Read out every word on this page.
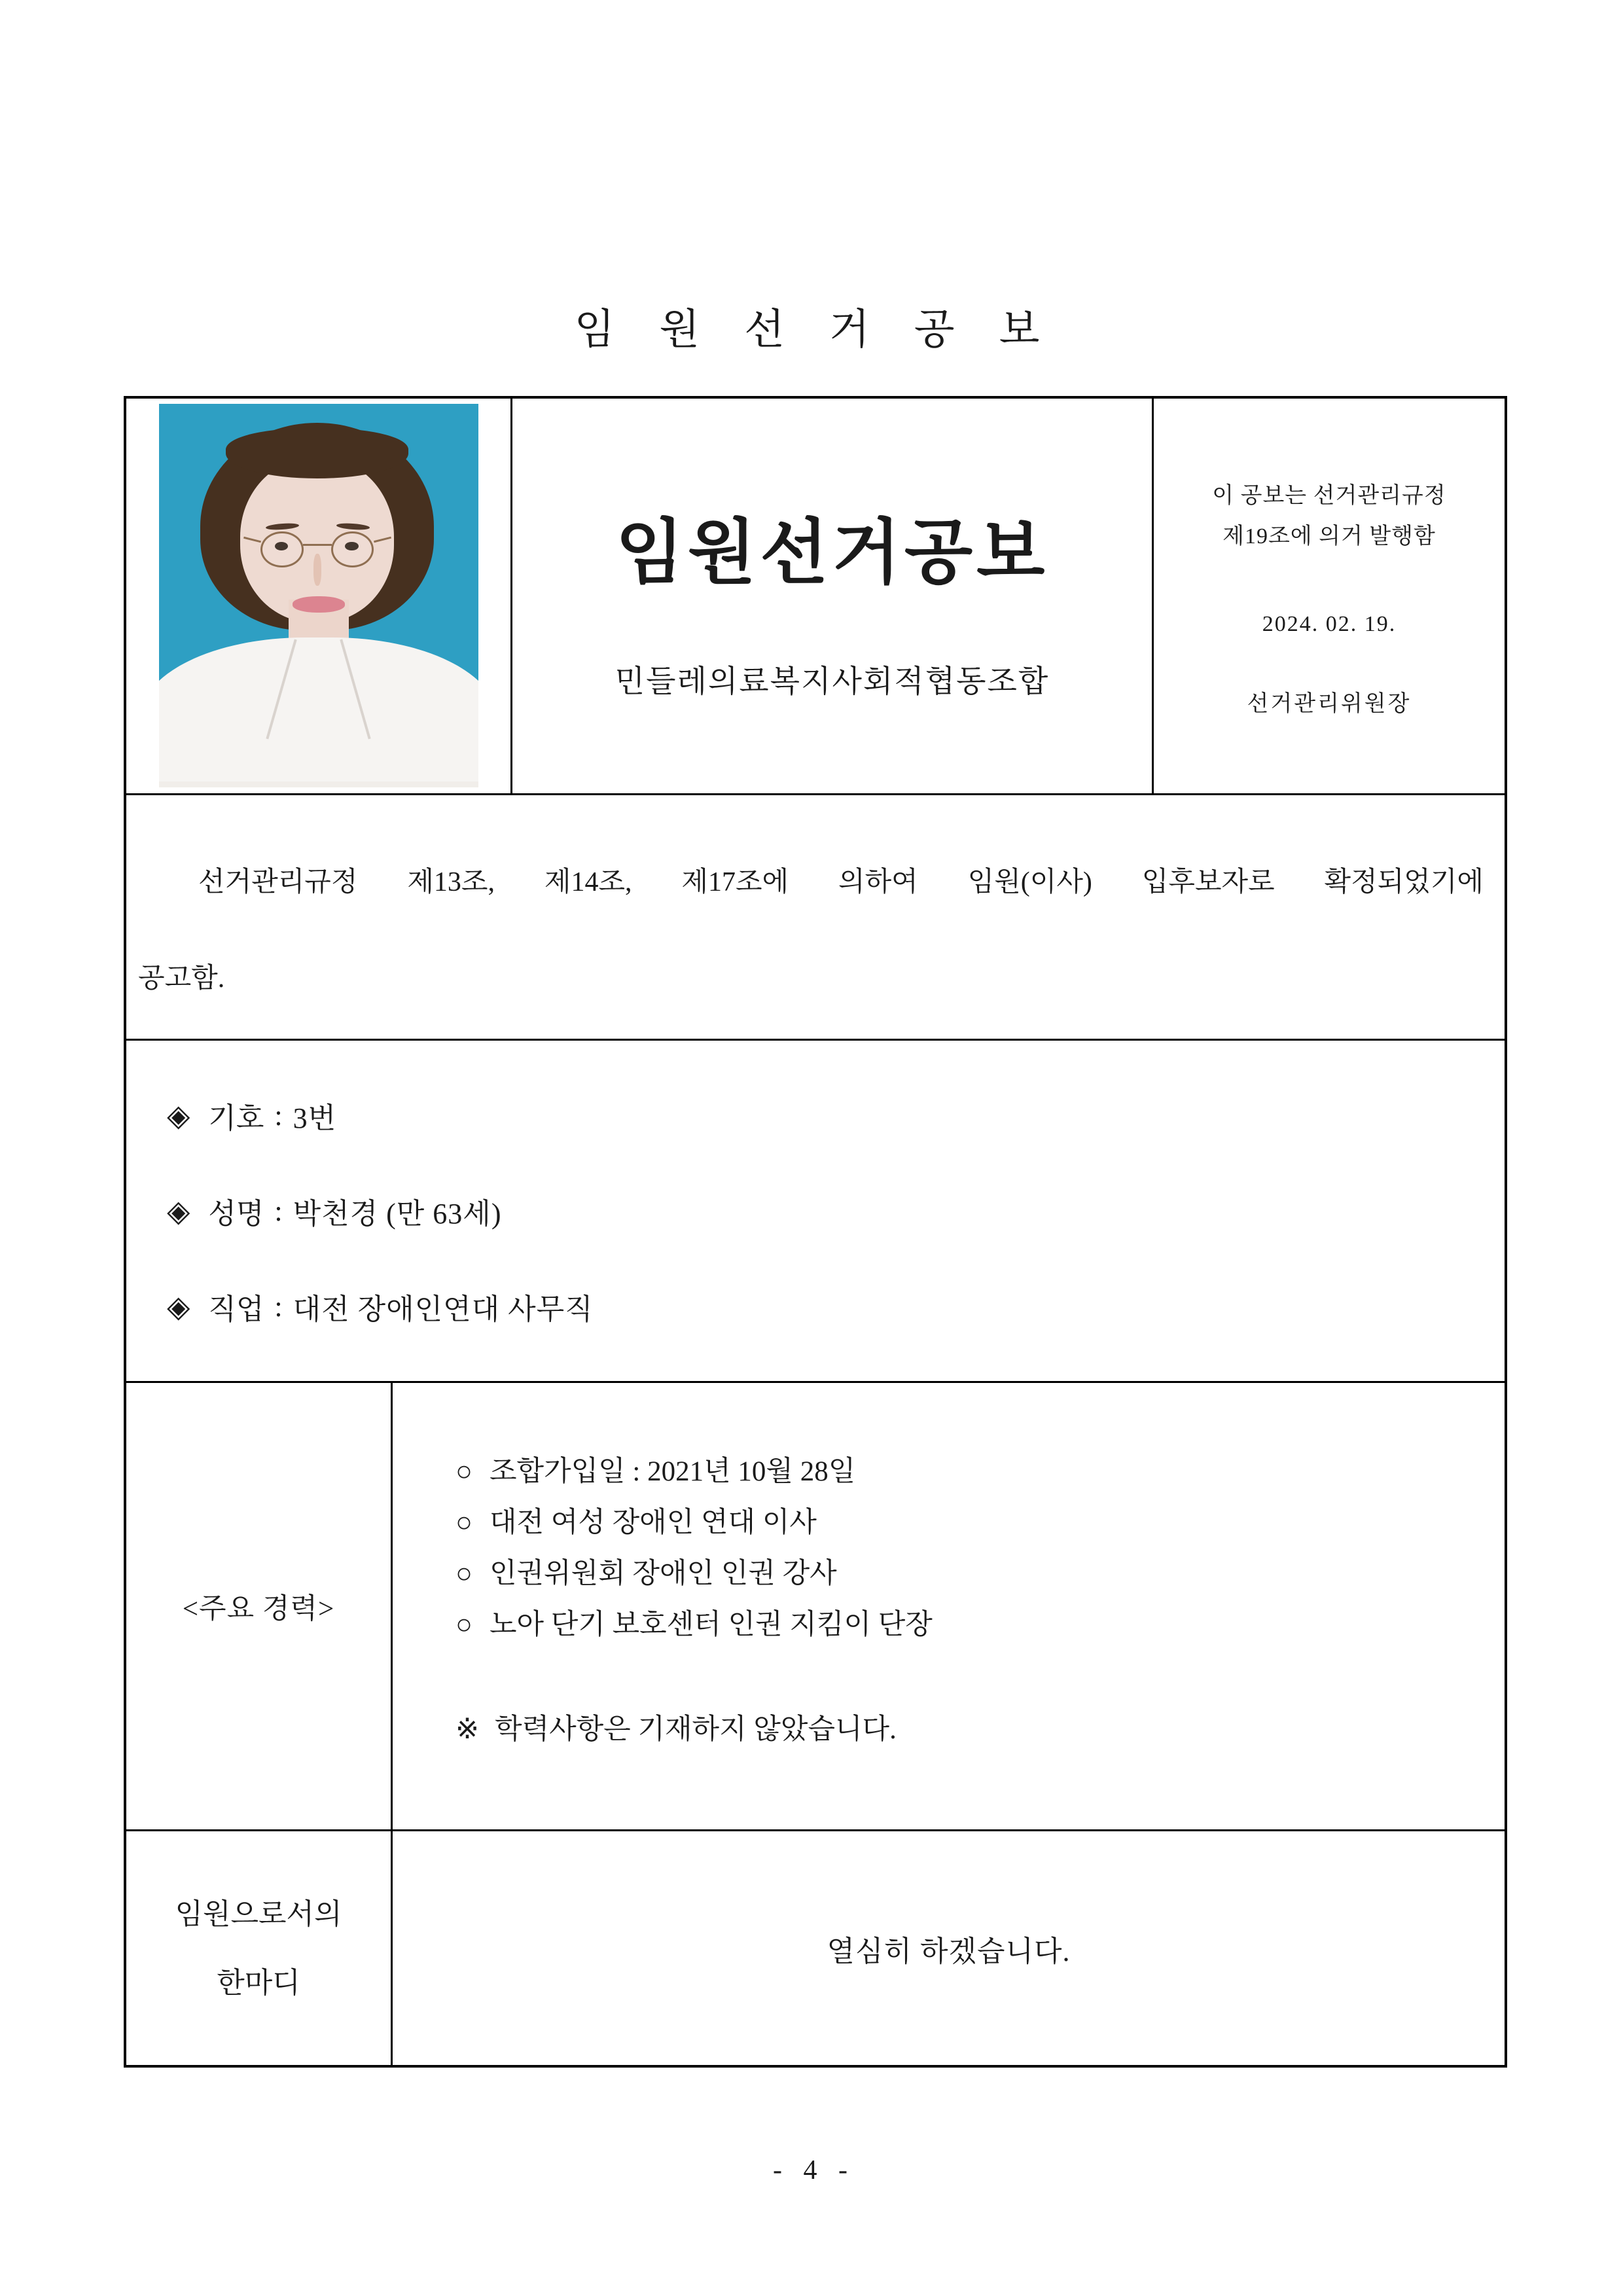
임 원 선 거 공 보
임원선거공보
민들레의료복지사회적협동조합
이 공보는 선거관리규정
제19조에 의거 발행함
2024. 02. 19.
선거관리위원장
선거관리규정 제13조, 제14조, 제17조에 의하여 임원(이사) 입후보자로 확정되었기에
공고함.
◈ 기호 : 3번
◈ 성명 : 박천경 (만 63세)
◈ 직업 : 대전 장애인연대 사무직
<주요 경력>
○ 조합가입일 : 2021년 10월 28일
○ 대전 여성 장애인 연대 이사
○ 인권위원회 장애인 인권 강사
○ 노아 단기 보호센터 인권 지킴이 단장
※ 학력사항은 기재하지 않았습니다.
임원으로서의
한마디
열심히 하겠습니다.
- 4 -
